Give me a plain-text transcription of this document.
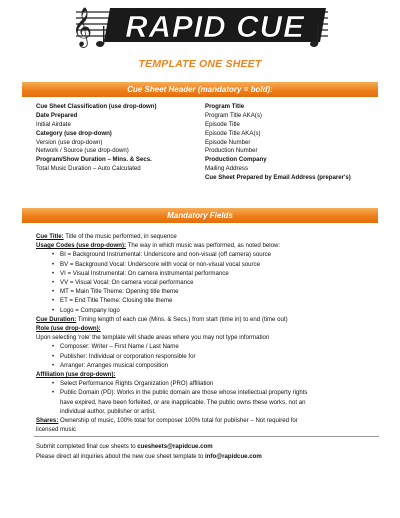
𝄞 RAPID CUE
TEMPLATE ONE SHEET
Cue Sheet Header (mandatory = bold):
Cue Sheet Classification (use drop-down)
Date Prepared
Initial Airdate
Category (use drop-down)
Version (use drop-down)
Network / Source (use drop-down)
Program/Show Duration – Mins. & Secs.
Total Music Duration – Auto Calculated
Program Title
Program Title AKA(s)
Episode Title
Episode Title AKA(s)
Episode Number
Production Number
Production Company
Mailing Address
Cue Sheet Prepared by Email Address (preparer's)
Mandatory Fields

Cue Title: Title of the music performed, in sequence

Usage Codes (use drop-down): The way in which music was performed, as noted below:

• BI = Background Instrumental: Underscore and non-visual (off camera) source
• BV = Background Vocal: Underscore with vocal or non-visual vocal source
• VI = Visual Instrumental: On camera instrumental performance
• VV = Visual Vocal: On camera vocal performance
• MT = Main Title Theme: Opening title theme
• ET = End Title Theme: Closing title theme
• Logo = Company logo

Cue Duration: Timing length of each cue (Mins. & Secs.) from start (time in) to end (time out)

Role (use drop-down):

Upon selecting 'role' the template will shade areas where you may not type information

• Composer: Writer – First Name / Last Name
• Publisher: Individual or corporation responsible for
• Arranger: Arranges musical composition

Affiliation (use drop-down):

• Select Performance Rights Organization (PRO) affiliation
• Public Domain (PD): Works in the public domain are those whose intellectual property rights
have expired, have been forfeited, or are inapplicable. The public owns these works, not an
individual author, publisher or artist.

Shares: Ownership of music, 100% total for composer 100% total for publisher – Not required for

licensed music

Submit completed final cue sheets to cuesheets@rapidcue.com

Please direct all inquiries about the new cue sheet template to info@rapidcue.com
